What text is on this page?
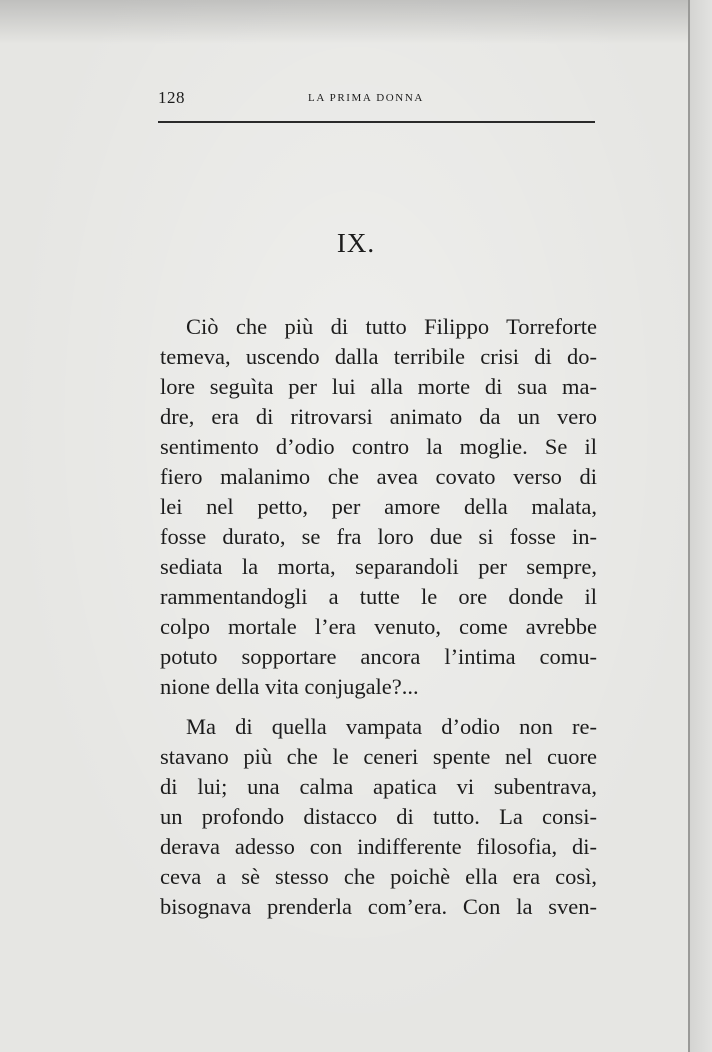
128	LA PRIMA DONNA
IX.
Ciò che più di tutto Filippo Torreforte
temeva, uscendo dalla terribile crisi di do-
lore seguìta per lui alla morte di sua ma-
dre, era di ritrovarsi animato da un vero
sentimento d’odio contro la moglie. Se il
fiero malanimo che avea covato verso di
lei nel petto, per amore della malata,
fosse durato, se fra loro due si fosse in-
sediata la morta, separandoli per sempre,
rammentandogli a tutte le ore donde il
colpo mortale l’era venuto, come avrebbe
potuto sopportare ancora l’intima comu-
nione della vita conjugale?...
Ma di quella vampata d’odio non re-
stavano più che le ceneri spente nel cuore
di lui; una calma apatica vi subentrava,
un profondo distacco di tutto. La consi-
derava adesso con indifferente filosofia, di-
ceva a sè stesso che poichè ella era così,
bisognava prenderla com’era. Con la sven-
